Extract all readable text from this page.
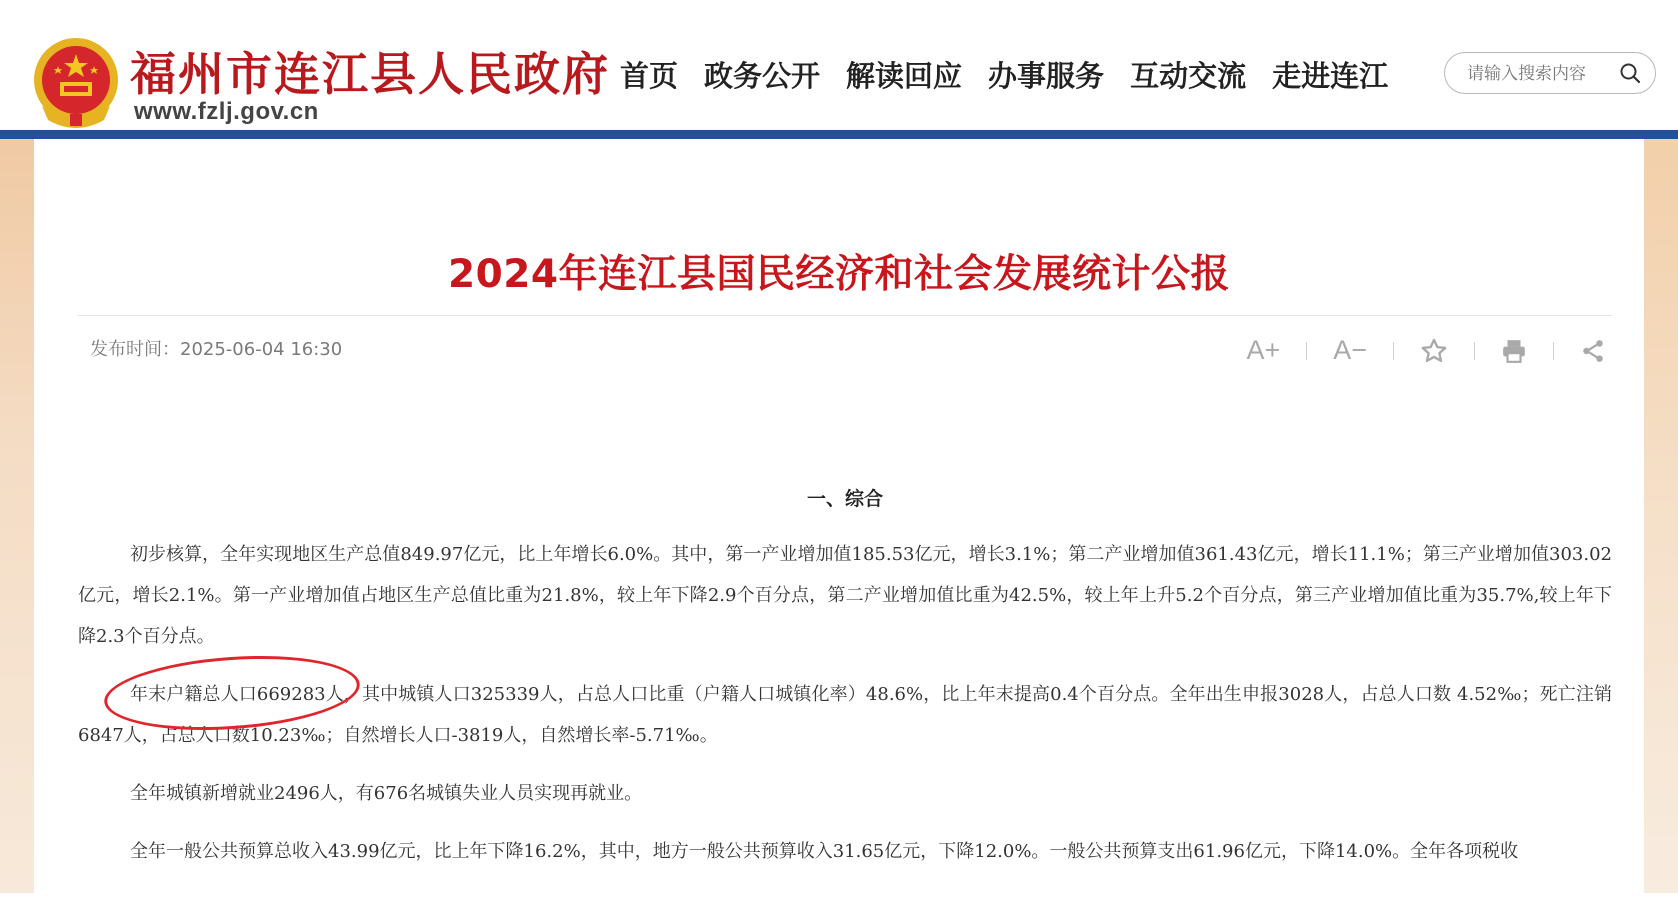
福州市连江县人民政府
www.fzlj.gov.cn
首页 政务公开 解读回应 办事服务 互动交流 走进连江
请输入搜索内容
2024年连江县国民经济和社会发展统计公报
发布时间：2025-06-04 16:30	A+ A−
一、综合

初步核算，全年实现地区生产总值849.97亿元，比上年增长6.0%。其中，第一产业增加值185.53亿元，增长3.1%；第二产业增加值361.43亿元，增长11.1%；第三产业增加值303.02亿元，增长2.1%。第一产业增加值占地区生产总值比重为21.8%，较上年下降2.9个百分点，第二产业增加值比重为42.5%，较上年上升5.2个百分点，第三产业增加值比重为35.7%,较上年下降2.3个百分点。

年末户籍总人口669283人，其中城镇人口325339人，占总人口比重（户籍人口城镇化率）48.6%，比上年末提高0.4个百分点。全年出生申报3028人，占总人口数 4.52‰；死亡注销6847人，占总人口数10.23‰；自然增长人口-3819人，自然增长率-5.71‰。

全年城镇新增就业2496人，有676名城镇失业人员实现再就业。

全年一般公共预算总收入43.99亿元，比上年下降16.2%，其中，地方一般公共预算收入31.65亿元，下降12.0%。一般公共预算支出61.96亿元，下降14.0%。全年各项税收
